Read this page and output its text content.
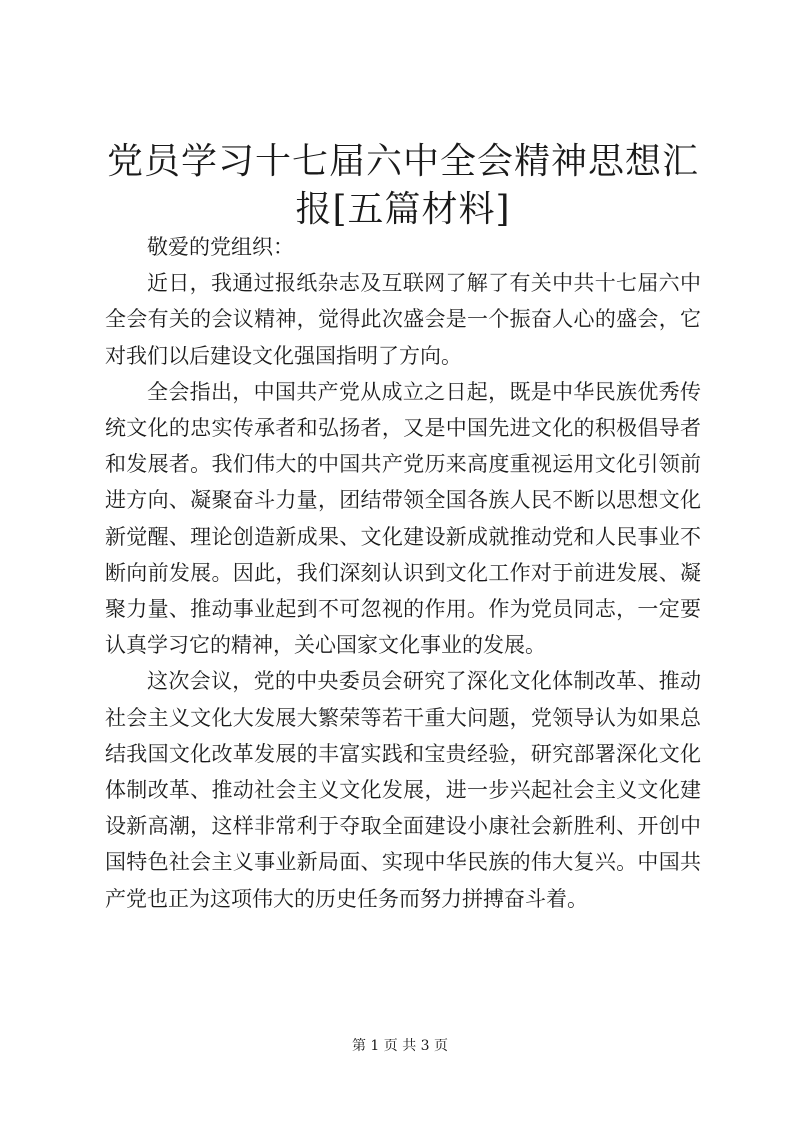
党员学习十七届六中全会精神思想汇报[五篇材料]

敬爱的党组织：

近日，我通过报纸杂志及互联网了解了有关中共十七届六中全会有关的会议精神，觉得此次盛会是一个振奋人心的盛会，它对我们以后建设文化强国指明了方向。

全会指出，中国共产党从成立之日起，既是中华民族优秀传统文化的忠实传承者和弘扬者，又是中国先进文化的积极倡导者和发展者。我们伟大的中国共产党历来高度重视运用文化引领前进方向、凝聚奋斗力量，团结带领全国各族人民不断以思想文化新觉醒、理论创造新成果、文化建设新成就推动党和人民事业不断向前发展。因此，我们深刻认识到文化工作对于前进发展、凝聚力量、推动事业起到不可忽视的作用。作为党员同志，一定要认真学习它的精神，关心国家文化事业的发展。

这次会议，党的中央委员会研究了深化文化体制改革、推动社会主义文化大发展大繁荣等若干重大问题，党领导认为如果总结我国文化改革发展的丰富实践和宝贵经验，研究部署深化文化体制改革、推动社会主义文化发展，进一步兴起社会主义文化建设新高潮，这样非常利于夺取全面建设小康社会新胜利、开创中国特色社会主义事业新局面、实现中华民族的伟大复兴。中国共产党也正为这项伟大的历史任务而努力拼搏奋斗着。

第 1 页 共 3 页
